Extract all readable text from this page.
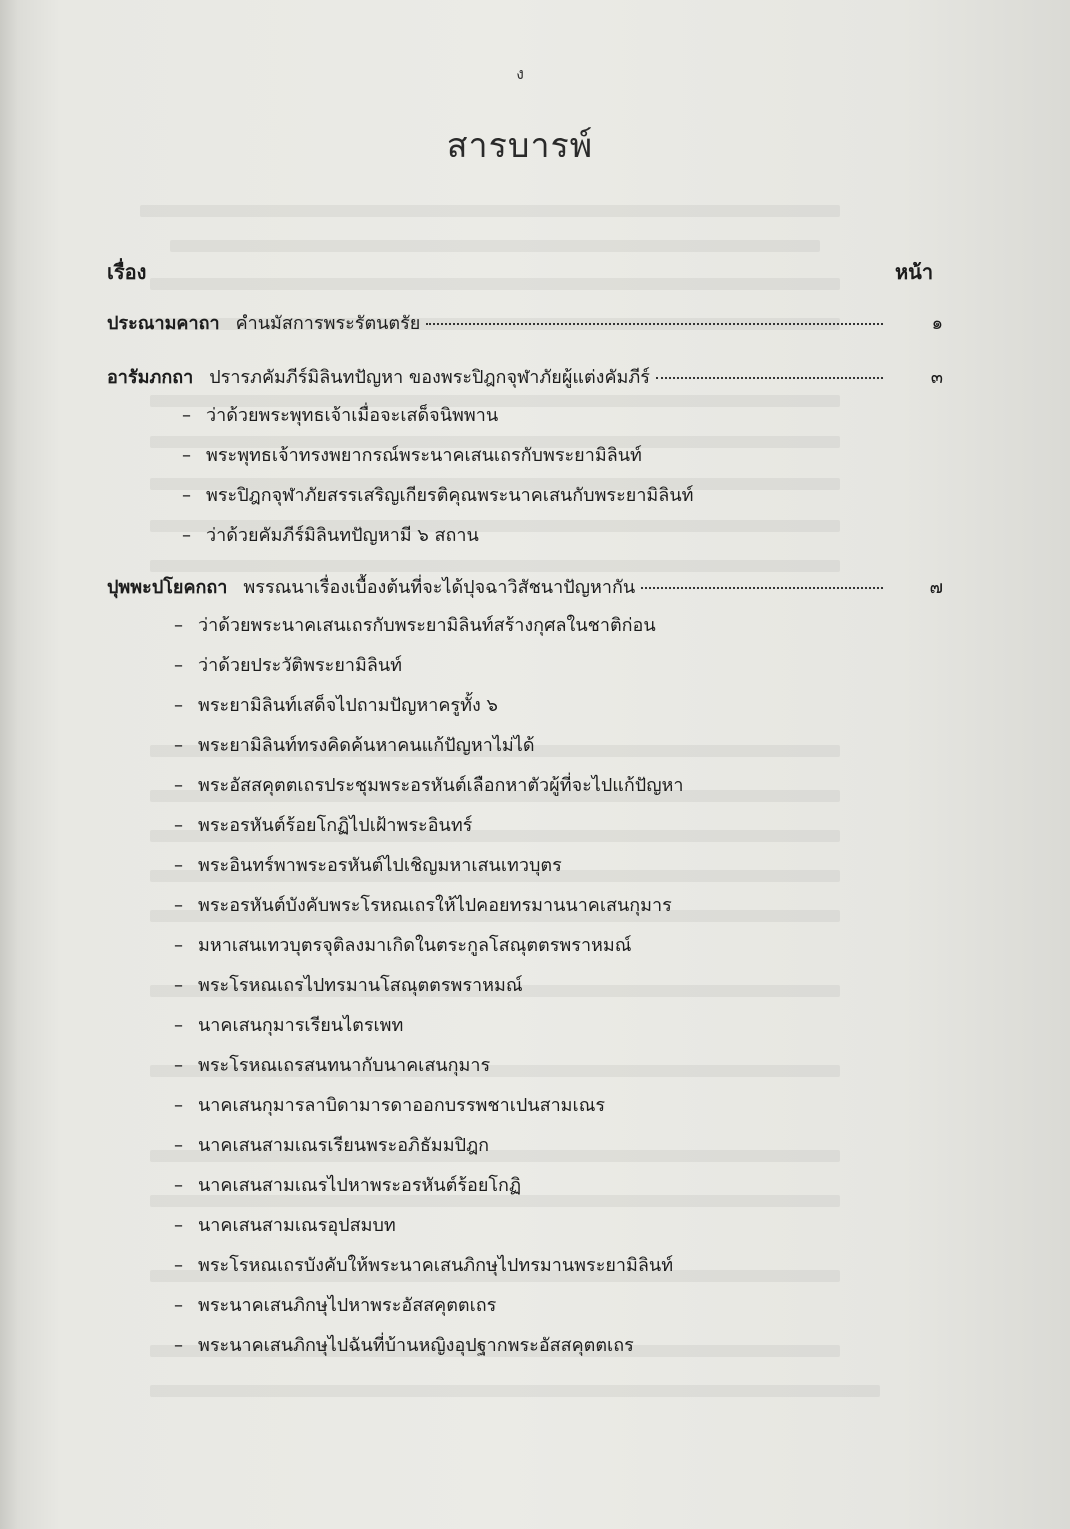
ง
สารบารพ์
เรื่อง	หน้า
ประณามคาถา คำนมัสการพระรัตนตรัย	๑
อารัมภกถา ปรารภคัมภีร์มิลินทปัญหา ของพระปิฎกจุฬาภัยผู้แต่งคัมภีร์	๓
– ว่าด้วยพระพุทธเจ้าเมื่อจะเสด็จนิพพาน
– พระพุทธเจ้าทรงพยากรณ์พระนาคเสนเถรกับพระยามิลินท์
– พระปิฎกจุฬาภัยสรรเสริญเกียรติคุณพระนาคเสนกับพระยามิลินท์
– ว่าด้วยคัมภีร์มิลินทปัญหามี ๖ สถาน
ปุพพะปโยคกถา พรรณนาเรื่องเบื้องต้นที่จะได้ปุจฉาวิสัชนาปัญหากัน	๗
– ว่าด้วยพระนาคเสนเถรกับพระยามิลินท์สร้างกุศลในชาติก่อน
– ว่าด้วยประวัติพระยามิลินท์
– พระยามิลินท์เสด็จไปถามปัญหาครูทั้ง ๖
– พระยามิลินท์ทรงคิดค้นหาคนแก้ปัญหาไม่ได้
– พระอัสสคุตตเถรประชุมพระอรหันต์เลือกหาตัวผู้ที่จะไปแก้ปัญหา
– พระอรหันต์ร้อยโกฏิไปเฝ้าพระอินทร์
– พระอินทร์พาพระอรหันต์ไปเชิญมหาเสนเทวบุตร
– พระอรหันต์บังคับพระโรหณเถรให้ไปคอยทรมานนาคเสนกุมาร
– มหาเสนเทวบุตรจุติลงมาเกิดในตระกูลโสณุตตรพราหมณ์
– พระโรหณเถรไปทรมานโสณุตตรพราหมณ์
– นาคเสนกุมารเรียนไตรเพท
– พระโรหณเถรสนทนากับนาคเสนกุมาร
– นาคเสนกุมารลาบิดามารดาออกบรรพชาเปนสามเณร
– นาคเสนสามเณรเรียนพระอภิธัมมปิฎก
– นาคเสนสามเณรไปหาพระอรหันต์ร้อยโกฏิ
– นาคเสนสามเณรอุปสมบท
– พระโรหณเถรบังคับให้พระนาคเสนภิกษุไปทรมานพระยามิลินท์
– พระนาคเสนภิกษุไปหาพระอัสสคุตตเถร
– พระนาคเสนภิกษุไปฉันที่บ้านหญิงอุปฐากพระอัสสคุตตเถร
